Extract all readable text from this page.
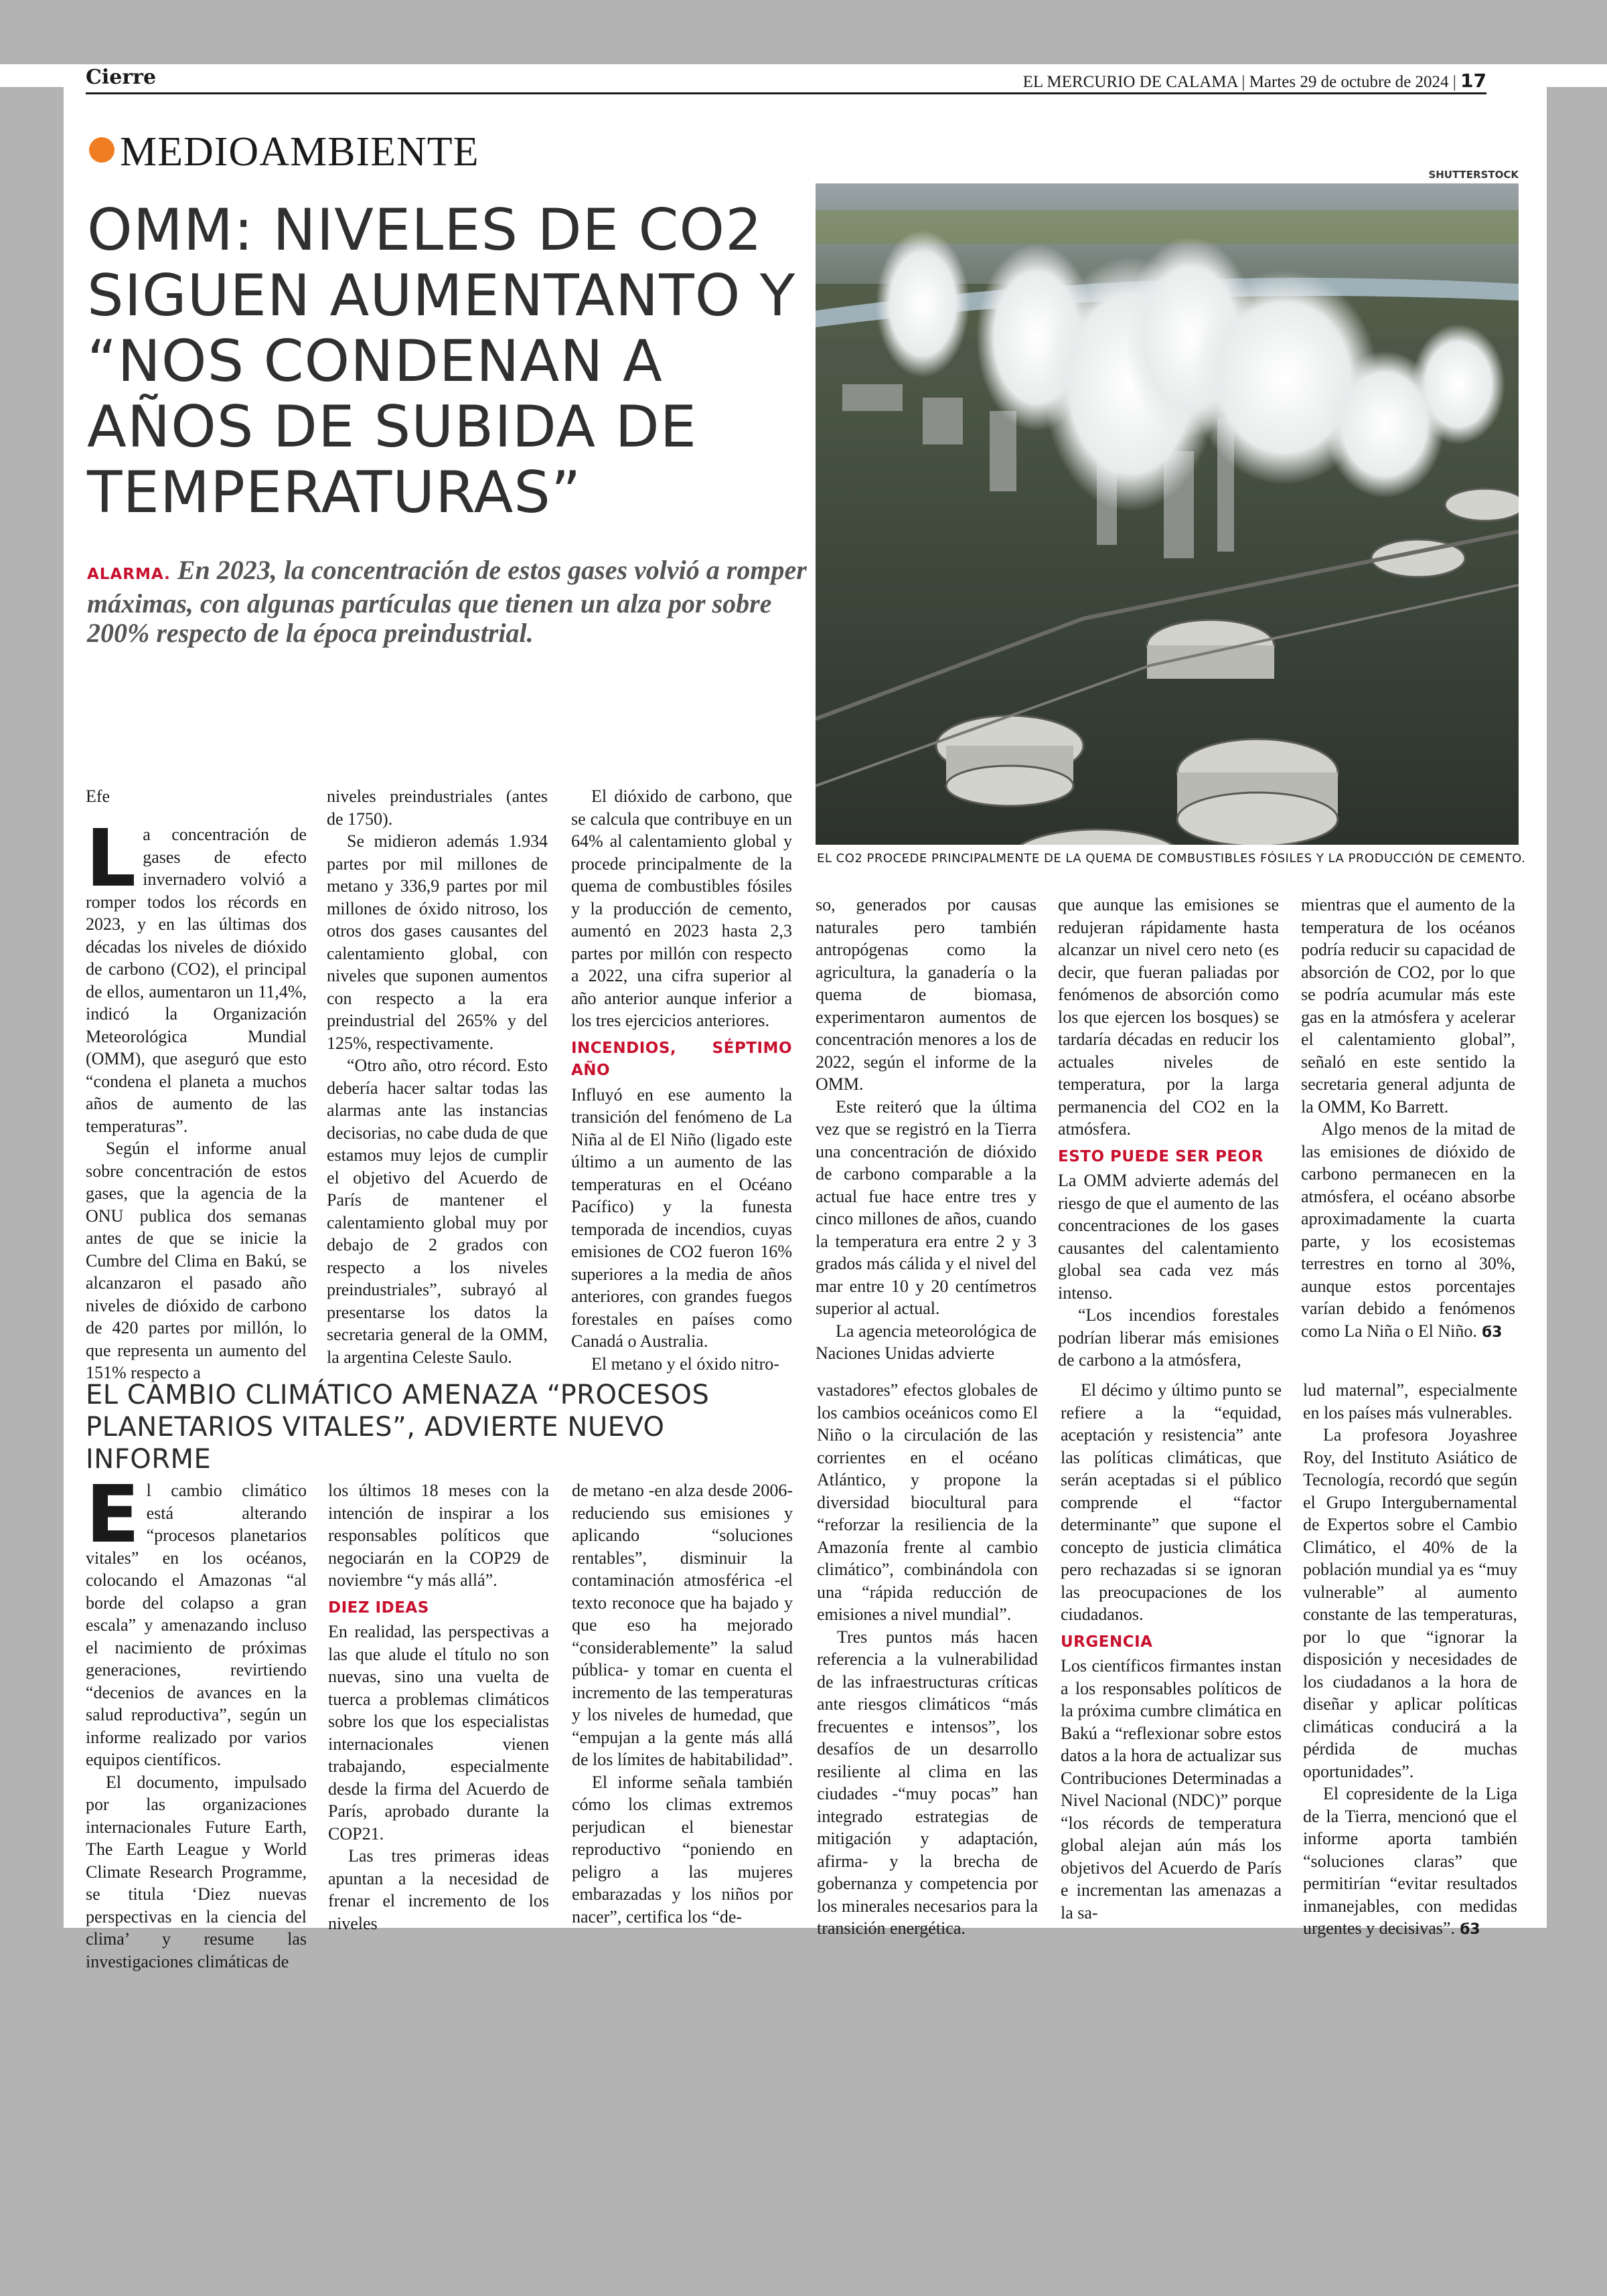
Cierre	EL MERCURIO DE CALAMA | Martes 29 de octubre de 2024 | 17
MEDIOAMBIENTE
OMM: NIVELES DE CO2 SIGUEN AUMENTANTO Y “NOS CONDENAN A AÑOS DE SUBIDA DE TEMPERATURAS”
ALARMA. En 2023, la concentración de estos gases volvió a romper máximas, con algunas partículas que tienen un alza por sobre 200% respecto de la época preindustrial.
SHUTTERSTOCK
EL CO2 PROCEDE PRINCIPALMENTE DE LA QUEMA DE COMBUSTIBLES FÓSILES Y LA PRODUCCIÓN DE CEMENTO.
Efe
L a concentración de gases de efecto invernadero volvió a romper todos los récords en 2023, y en las últimas dos décadas los niveles de dióxido de carbono (CO2), el principal de ellos, aumentaron un 11,4%, indicó la Organización Meteorológica Mundial (OMM), que aseguró que esto “condena el planeta a muchos años de aumento de las temperaturas”.

Según el informe anual sobre concentración de estos gases, que la agencia de la ONU publica dos semanas antes de que se inicie la Cumbre del Clima en Bakú, se alcanzaron el pasado año niveles de dióxido de carbono de 420 partes por millón, lo que representa un aumento del 151% respecto a

niveles preindustriales (antes de 1750).

Se midieron además 1.934 partes por mil millones de metano y 336,9 partes por mil millones de óxido nitroso, los otros dos gases causantes del calentamiento global, con niveles que suponen aumentos con respecto a la era preindustrial del 265% y del 125%, respectivamente.

“Otro año, otro récord. Esto debería hacer saltar todas las alarmas ante las instancias decisorias, no cabe duda de que estamos muy lejos de cumplir el objetivo del Acuerdo de París de mantener el calentamiento global muy por debajo de 2 grados con respecto a los niveles preindustriales”, subrayó al presentarse los datos la secretaria general de la OMM, la argentina Celeste Saulo.

El dióxido de carbono, que se calcula que contribuye en un 64% al calentamiento global y procede principalmente de la quema de combustibles fósiles y la producción de cemento, aumentó en 2023 hasta 2,3 partes por millón con respecto a 2022, una cifra superior al año anterior aunque inferior a los tres ejercicios anteriores.

INCENDIOS, SÉPTIMO AÑO

Influyó en ese aumento la transición del fenómeno de La Niña al de El Niño (ligado este último a un aumento de las temperaturas en el Océano Pacífico) y la funesta temporada de incendios, cuyas emisiones de CO2 fueron 16% superiores a la media de años anteriores, con grandes fuegos forestales en países como Canadá o Australia.

El metano y el óxido nitro-

so, generados por causas naturales pero también antropógenas como la agricultura, la ganadería o la quema de biomasa, experimentaron aumentos de concentración menores a los de 2022, según el informe de la OMM.

Este reiteró que la última vez que se registró en la Tierra una concentración de dióxido de carbono comparable a la actual fue hace entre tres y cinco millones de años, cuando la temperatura era entre 2 y 3 grados más cálida y el nivel del mar entre 10 y 20 centímetros superior al actual.

La agencia meteorológica de Naciones Unidas advierte

que aunque las emisiones se redujeran rápidamente hasta alcanzar un nivel cero neto (es decir, que fueran paliadas por fenómenos de absorción como los que ejercen los bosques) se tardaría décadas en reducir los actuales niveles de temperatura, por la larga permanencia del CO2 en la atmósfera.

ESTO PUEDE SER PEOR

La OMM advierte además del riesgo de que el aumento de las concentraciones de los gases causantes del calentamiento global sea cada vez más intenso.

“Los incendios forestales podrían liberar más emisiones de carbono a la atmósfera,

mientras que el aumento de la temperatura de los océanos podría reducir su capacidad de absorción de CO2, por lo que se podría acumular más este gas en la atmósfera y acelerar el calentamiento global”, señaló en este sentido la secretaria general adjunta de la OMM, Ko Barrett.

Algo menos de la mitad de las emisiones de dióxido de carbono permanecen en la atmósfera, el océano absorbe aproximadamente la cuarta parte, y los ecosistemas terrestres en torno al 30%, aunque estos porcentajes varían debido a fenómenos como La Niña o El Niño. ϭ3

EL CAMBIO CLIMÁTICO AMENAZA “PROCESOS PLANETARIOS VITALES”, ADVIERTE NUEVO INFORME
E l cambio climático está alterando “procesos planetarios vitales” en los océanos, colocando el Amazonas “al borde del colapso a gran escala” y amenazando incluso el nacimiento de próximas generaciones, revirtiendo “decenios de avances en la salud reproductiva”, según un informe realizado por varios equipos científicos.

El documento, impulsado por las organizaciones internacionales Future Earth, The Earth League y World Climate Research Programme, se titula ‘Diez nuevas perspectivas en la ciencia del clima’ y resume las investigaciones climáticas de

los últimos 18 meses con la intención de inspirar a los responsables políticos que negociarán en la COP29 de noviembre “y más allá”.

DIEZ IDEAS

En realidad, las perspectivas a las que alude el título no son nuevas, sino una vuelta de tuerca a problemas climáticos sobre los que los especialistas internacionales vienen trabajando, especialmente desde la firma del Acuerdo de París, aprobado durante la COP21.

Las tres primeras ideas apuntan a la necesidad de frenar el incremento de los niveles

de metano -en alza desde 2006- reduciendo sus emisiones y aplicando “soluciones rentables”, disminuir la contaminación atmosférica -el texto reconoce que ha bajado y que eso ha mejorado “considerablemente” la salud pública- y tomar en cuenta el incremento de las temperaturas y los niveles de humedad, que “empujan a la gente más allá de los límites de habitabilidad”.

El informe señala también cómo los climas extremos perjudican el bienestar reproductivo “poniendo en peligro a las mujeres embarazadas y los niños por nacer”, certifica los “de-

vastadores” efectos globales de los cambios oceánicos como El Niño o la circulación de las corrientes en el océano Atlántico, y propone la diversidad biocultural para “reforzar la resiliencia de la Amazonía frente al cambio climático”, combinándola con una “rápida reducción de emisiones a nivel mundial”.

Tres puntos más hacen referencia a la vulnerabilidad de las infraestructuras críticas ante riesgos climáticos “más frecuentes e intensos”, los desafíos de un desarrollo resiliente al clima en las ciudades -“muy pocas” han integrado estrategias de mitigación y adaptación, afirma- y la brecha de gobernanza y competencia por los minerales necesarios para la transición energética.

El décimo y último punto se refiere a la “equidad, aceptación y resistencia” ante las políticas climáticas, que serán aceptadas si el público comprende el “factor determinante” que supone el concepto de justicia climática pero rechazadas si se ignoran las preocupaciones de los ciudadanos.

URGENCIA

Los científicos firmantes instan a los responsables políticos de la próxima cumbre climática en Bakú a “reflexionar sobre estos datos a la hora de actualizar sus Contribuciones Determinadas a Nivel Nacional (NDC)” porque “los récords de temperatura global alejan aún más los objetivos del Acuerdo de París e incrementan las amenazas a la sa-

lud maternal”, especialmente en los países más vulnerables.

La profesora Joyashree Roy, del Instituto Asiático de Tecnología, recordó que según el Grupo Intergubernamental de Expertos sobre el Cambio Climático, el 40% de la población mundial ya es “muy vulnerable” al aumento constante de las temperaturas, por lo que “ignorar la disposición y necesidades de los ciudadanos a la hora de diseñar y aplicar políticas climáticas conducirá a la pérdida de muchas oportunidades”.

El copresidente de la Liga de la Tierra, mencionó que el informe aporta también “soluciones claras” que permitirían “evitar resultados inmanejables, con medidas urgentes y decisivas”. ϭ3
